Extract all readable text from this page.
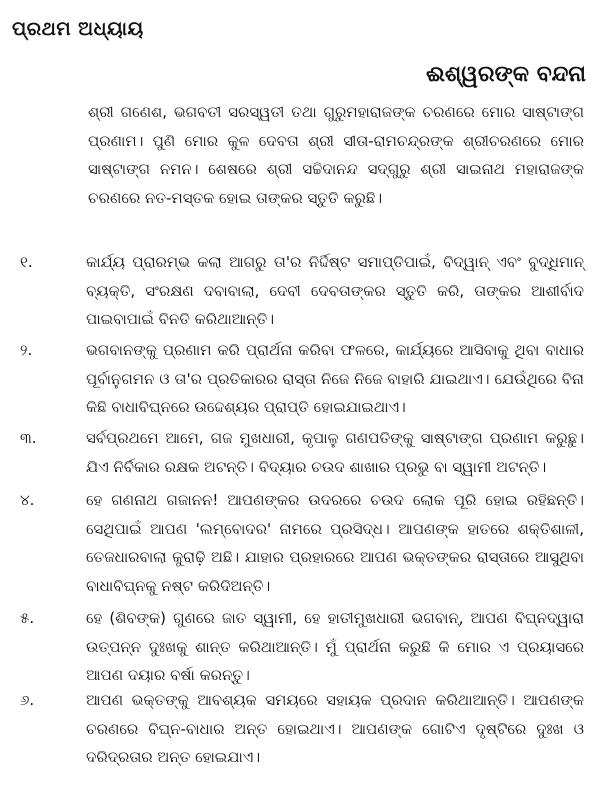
ପ୍ରଥମ ଅଧ୍ୟାୟ
ଈଶ୍ୱରଙ୍କ ବନ୍ଦନା
ଶ୍ରୀ ଗଣେଶ, ଭଗବତୀ ସରସ୍ୱତୀ ତଥା ଗୁରୁମହାରାଜଙ୍କ ଚରଣରେ ମୋର ସାଷ୍ଟାଙ୍ଗ ପ୍ରଣାମ। ପୁଣି ମୋର କୁଳ ଦେବତା ଶ୍ରୀ ସୀତା-ରାମଚନ୍ଦ୍ରଙ୍କ ଶ୍ରୀଚରଣରେ ମୋର ସାଷ୍ଟାଙ୍ଗ ନମନ। ଶେଷରେ ଶ୍ରୀ ସଚ୍ଚିଦାନନ୍ଦ ସଦ୍‌ଗୁରୁ ଶ୍ରୀ ସାଇନାଥ ମହାରାଜଙ୍କ ଚରଣରେ ନତ-ମସ୍ତକ ହୋଇ ତାଙ୍କର ସ୍ତୁତି କରୁଛି।
୧.	କାର୍ଯ୍ୟ ପ୍ରାରମ୍ଭ କଲା ଆଗରୁ ତା'ର ନିର୍ଦ୍ଦିଷ୍ଟ ସମାପ୍ତିପାଇଁ, ବିଦ୍ୱାନ୍ ଏବଂ ବୁଦ୍ଧିମାନ୍ ବ୍ୟକ୍ତି, ସଂରକ୍ଷଣ ଦବାବାଲା, ଦେବୀ ଦେବତାଙ୍କର ସ୍ତୁତି କରି, ତାଙ୍କର ଆଶୀର୍ବାଦ ପାଇବାପାଇଁ ବିନତି କରିଥାଆନ୍ତି।
୨.	ଭଗବାନଙ୍କୁ ପ୍ରଣାମ କରି ପ୍ରାର୍ଥନା କରିବା ଫଳରେ, କାର୍ଯ୍ୟରେ ଆସିବାକୁ ଥିବା ବାଧାର ପୂର୍ବାନୁଗମନ ଓ ତା'ର ପ୍ରତିକାରର ରାସ୍ତା ନିଜେ ନିଜେ ବାହାରି ଯାଇଥାଏ। ଯେଉଁଥିରେ ବିନା କିଛି ବାଧାବିଘ୍ନରେ ଉଦ୍ଦେଶ୍ୟର ପ୍ରାପ୍ତି ହୋଇଯାଇଥାଏ।
୩.	ସର୍ବପ୍ରଥମେ ଆମେ, ଗଜ ମୁଖଧାରୀ, କୃପାଳୁ ଗଣପତିଙ୍କୁ ସାଷ୍ଟାଙ୍ଗ ପ୍ରଣାମ କରୁଛୁ। ଯିଏ ନିର୍ବିକାର ରକ୍ଷକ ଅଟନ୍ତି। ବିଦ୍ୟାର ଚଉଦ ଶାଖାର ପ୍ରଭୁ ବା ସ୍ୱାମୀ ଅଟନ୍ତି।
୪.	ହେ ଗଣନାଥ ଗଜାନନ! ଆପଣଙ୍କର ଉଦରରେ ଚଉଦ ଲୋକ ପୂରି ହୋଇ ରହିଛନ୍ତି। ସେଥିପାଇଁ ଆପଣ 'ଲମ୍ବୋଦର' ନାମରେ ପ୍ରସିଦ୍ଧ। ଆପଣଙ୍କ ହାତରେ ଶକ୍ତିଶାଳୀ, ତେଜଧାରବାଲା କୁରାଢ଼ି ଅଛି। ଯାହାର ପ୍ରହାରରେ ଆପଣ ଭକ୍ତଙ୍କର ରାସ୍ତାରେ ଆସୁଥିବା ବାଧାବିଘ୍ନକୁ ନଷ୍ଟ କରିଦିଅନ୍ତି।
୫.	ହେ (ଶିବଙ୍କ) ଗୁଣରେ ଜାତ ସ୍ୱାମୀ, ହେ ହାତୀମୁଖଧାରୀ ଭଗବାନ୍, ଆପଣ ବିଘ୍ନଦ୍ୱାରା ଉତ୍ପନ୍ନ ଦୁଃଖକୁ ଶାନ୍ତ କରିଥାଆନ୍ତି। ମୁଁ ପ୍ରାର୍ଥନା କରୁଛି କି ମୋର ଏ ପ୍ରୟାସରେ ଆପଣ ଦୟାର ବର୍ଷା କରନ୍ତୁ।
୬.	ଆପଣ ଭକ୍ତଙ୍କୁ ଆବଶ୍ୟକ ସମୟରେ ସହାୟକ ପ୍ରଦାନ କରିଥାଆନ୍ତି। ଆପଣଙ୍କ ଚରଣରେ ବିଘ୍ନ-ବାଧାର ଅନ୍ତ ହୋଇଥାଏ। ଆପଣଙ୍କ ଗୋଟିଏ ଦୃଷ୍ଟିରେ ଦୁଃଖ ଓ ଦରିଦ୍ରତାର ଅନ୍ତ ହୋଇଯାଏ।
